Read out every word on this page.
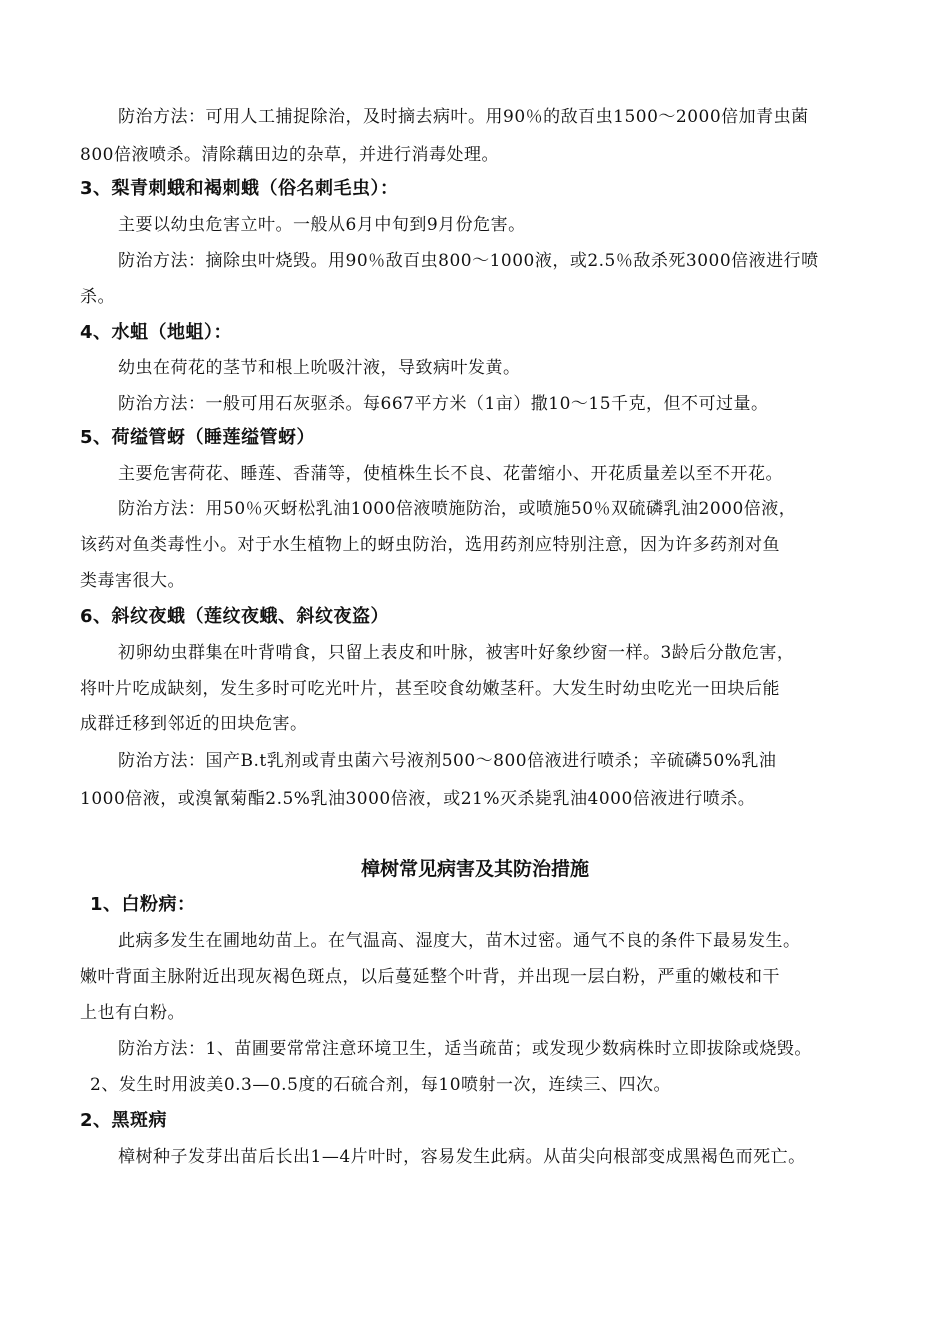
防治方法：可用人工捕捉除治，及时摘去病叶。用90％的敌百虫1500～2000倍加青虫菌
800倍液喷杀。清除藕田边的杂草，并进行消毒处理。
3、梨青刺蛾和褐刺蛾（俗名刺毛虫）：
主要以幼虫危害立叶。一般从6月中旬到9月份危害。
防治方法：摘除虫叶烧毁。用90％敌百虫800～1000液，或2.5％敌杀死3000倍液进行喷
杀。
4、水蛆（地蛆）：
幼虫在荷花的茎节和根上吮吸汁液，导致病叶发黄。
防治方法：一般可用石灰驱杀。每667平方米（1亩）撒10～15千克，但不可过量。
5、荷缢管蚜（睡莲缢管蚜）
主要危害荷花、睡莲、香蒲等，使植株生长不良、花蕾缩小、开花质量差以至不开花。
防治方法：用50％灭蚜松乳油1000倍液喷施防治，或喷施50％双硫磷乳油2000倍液，
该药对鱼类毒性小。对于水生植物上的蚜虫防治，选用药剂应特别注意，因为许多药剂对鱼
类毒害很大。
6、斜纹夜蛾（莲纹夜蛾、斜纹夜盗）
初卵幼虫群集在叶背啃食，只留上表皮和叶脉，被害叶好象纱窗一样。3龄后分散危害，
将叶片吃成缺刻，发生多时可吃光叶片，甚至咬食幼嫩茎秆。大发生时幼虫吃光一田块后能
成群迁移到邻近的田块危害。
防治方法：国产B.t乳剂或青虫菌六号液剂500～800倍液进行喷杀；辛硫磷50%乳油
1000倍液，或溴氰菊酯2.5%乳油3000倍液，或21%灭杀毙乳油4000倍液进行喷杀。
樟树常见病害及其防治措施
1、白粉病：
此病多发生在圃地幼苗上。在气温高、湿度大，苗木过密。通气不良的条件下最易发生。
嫩叶背面主脉附近出现灰褐色斑点，以后蔓延整个叶背，并出现一层白粉，严重的嫩枝和干
上也有白粉。
防治方法：1、苗圃要常常注意环境卫生，适当疏苗；或发现少数病株时立即拔除或烧毁。
2、发生时用波美0.3—0.5度的石硫合剂，每10喷射一次，连续三、四次。
2、黑斑病
樟树种子发芽出苗后长出1—4片叶时，容易发生此病。从苗尖向根部变成黑褐色而死亡。
